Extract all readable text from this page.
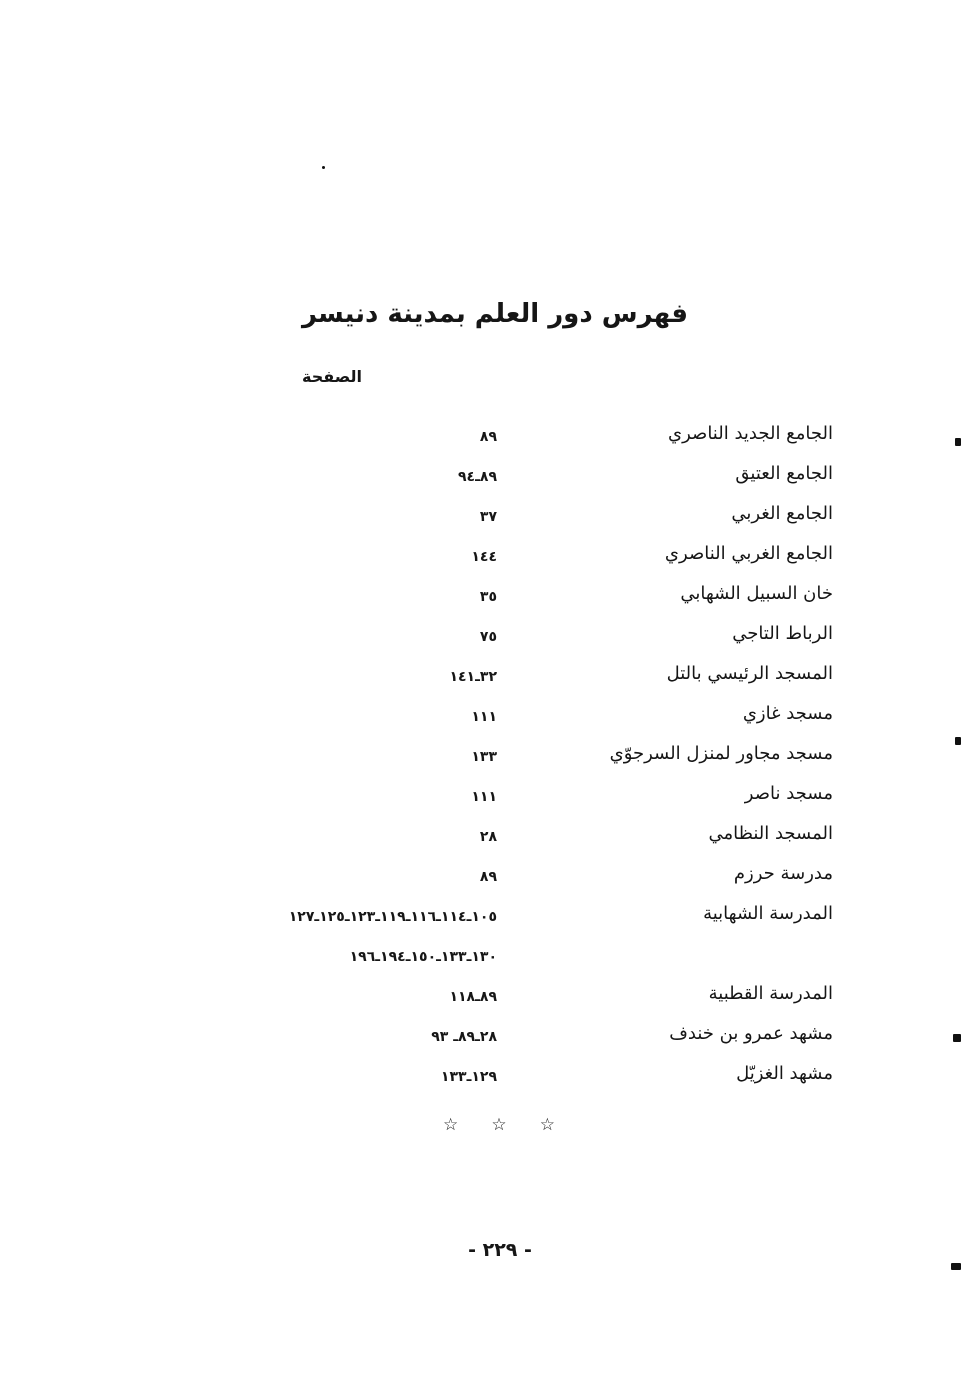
فهرس دور العلم بمدينة دنيسر
الصفحة
الجامع الجديد الناصري
٨٩
الجامع العتيق
٨٩ـ٩٤
الجامع الغربي
٣٧
الجامع الغربي الناصري
١٤٤
خان السبيل الشهابي
٣٥
الرباط التاجي
٧٥
المسجد الرئيسي بالتل
٣٢ـ١٤١
مسجد غازي
١١١
مسجد مجاور لمنزل السرجوّي
١٣٣
مسجد ناصر
١١١
المسجد النظامي
٢٨
مدرسة حرزم
٨٩
المدرسة الشهابية
١٠٥ـ١١٤ـ١١٦ـ١١٩ـ١٢٣ـ١٢٥ـ١٢٧
١٣٠ـ١٣٣ـ١٥٠ـ١٩٤ـ١٩٦
المدرسة القطبية
٨٩ـ١١٨
مشهد عمرو بن خندف
٢٨ـ٨٩ـ ٩٣
مشهد الغزيّل
١٢٩ـ١٣٣
☆ ☆ ☆
- ٢٢٩ -
